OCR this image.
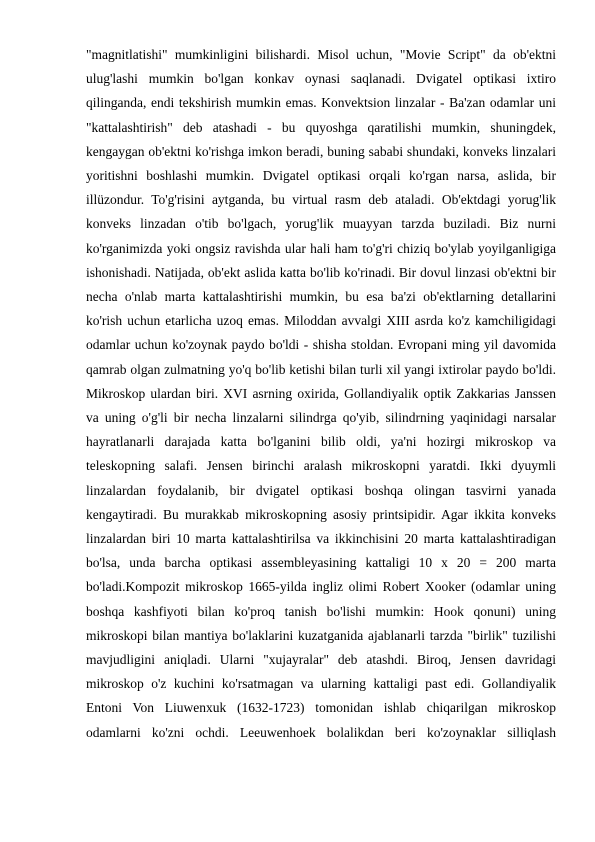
"magnitlatishi" mumkinligini bilishardi. Misol uchun, "Movie Script" da ob'ektni ulug'lashi mumkin bo'lgan konkav oynasi saqlanadi. Dvigatel optikasi ixtiro qilinganda, endi tekshirish mumkin emas. Konvektsion linzalar - Ba'zan odamlar uni "kattalashtirish" deb atashadi - bu quyoshga qaratilishi mumkin, shuningdek, kengaygan ob'ektni ko'rishga imkon beradi, buning sababi shundaki, konveks linzalari yoritishni boshlashi mumkin. Dvigatel optikasi orqali ko'rgan narsa, aslida, bir illüzondur. To'g'risini aytganda, bu virtual rasm deb ataladi. Ob'ektdagi yorug'lik konveks linzadan o'tib bo'lgach, yorug'lik muayyan tarzda buziladi. Biz nurni ko'rganimizda yoki ongsiz ravishda ular hali ham to'g'ri chiziq bo'ylab yoyilganligiga ishonishadi. Natijada, ob'ekt aslida katta bo'lib ko'rinadi. Bir dovul linzasi ob'ektni bir necha o'nlab marta kattalashtirishi mumkin, bu esa ba'zi ob'ektlarning detallarini ko'rish uchun etarlicha uzoq emas. Miloddan avvalgi XIII asrda ko'z kamchiligidagi odamlar uchun ko'zoynak paydo bo'ldi - shisha stoldan. Evropani ming yil davomida qamrab olgan zulmatning yo'q bo'lib ketishi bilan turli xil yangi ixtirolar paydo bo'ldi. Mikroskop ulardan biri. XVI asrning oxirida, Gollandiyalik optik Zakkarias Janssen va uning o'g'li bir necha linzalarni silindrga qo'yib, silindrning yaqinidagi narsalar hayratlanarli darajada katta bo'lganini bilib oldi, ya'ni hozirgi mikroskop va teleskopning salafi. Jensen birinchi aralash mikroskopni yaratdi. Ikki dyuymli linzalardan foydalanib, bir dvigatel optikasi boshqa olingan tasvirni yanada kengaytiradi. Bu murakkab mikroskopning asosiy printsipidir. Agar ikkita konveks linzalardan biri 10 marta kattalashtirilsa va ikkinchisini 20 marta kattalashtiradigan bo'lsa, unda barcha optikasi assembleyasining kattaligi 10 x 20 = 200 marta bo'ladi.Kompozit mikroskop 1665-yilda ingliz olimi Robert Xooker (odamlar uning boshqa kashfiyoti bilan ko'proq tanish bo'lishi mumkin: Hook qonuni) uning mikroskopi bilan mantiya bo'laklarini kuzatganida ajablanarli tarzda "birlik" tuzilishi mavjudligini aniqladi. Ularni "xujayralar" deb atashdi. Biroq, Jensen davridagi mikroskop o'z kuchini ko'rsatmagan va ularning kattaligi past edi. Gollandiyalik Entoni Von Liuwenxuk (1632-1723) tomonidan ishlab chiqarilgan mikroskop odamlarni ko'zni ochdi. Leeuwenhoek bolalikdan beri ko'zoynaklar silliqlash
